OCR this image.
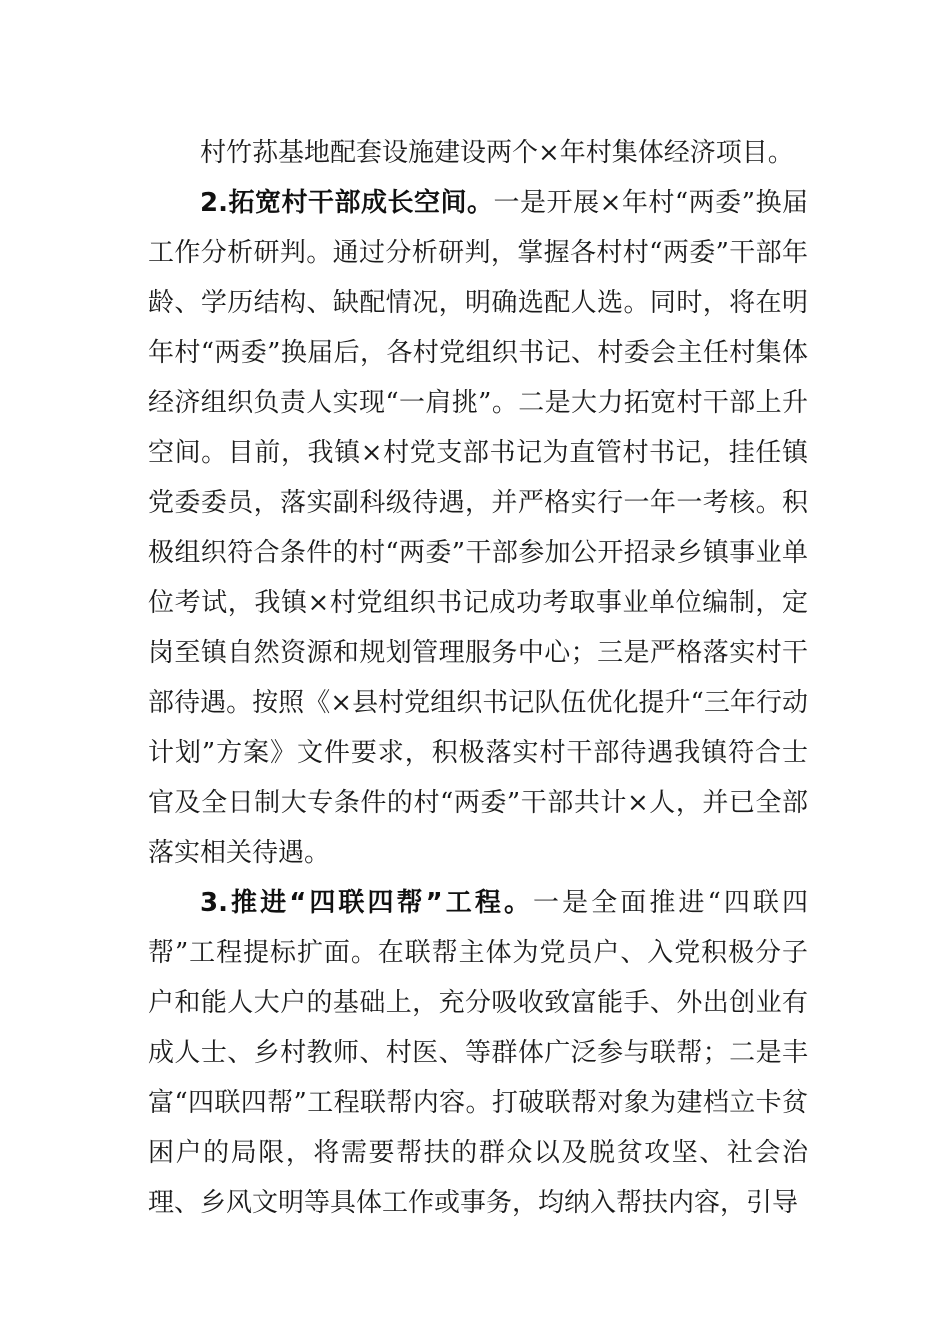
村竹荪基地配套设施建设两个×年村集体经济项目。

2.拓宽村干部成长空间。一是开展×年村“两委”换届工作分析研判。通过分析研判，掌握各村村“两委”干部年龄、学历结构、缺配情况，明确选配人选。同时，将在明年村“两委”换届后，各村党组织书记、村委会主任村集体经济组织负责人实现“一肩挑”。二是大力拓宽村干部上升空间。目前，我镇×村党支部书记为直管村书记，挂任镇党委委员，落实副科级待遇，并严格实行一年一考核。积极组织符合条件的村“两委”干部参加公开招录乡镇事业单位考试，我镇×村党组织书记成功考取事业单位编制，定岗至镇自然资源和规划管理服务中心；三是严格落实村干部待遇。按照《×县村党组织书记队伍优化提升“三年行动计划”方案》文件要求，积极落实村干部待遇我镇符合士官及全日制大专条件的村“两委”干部共计×人，并已全部落实相关待遇。

3.推进“四联四帮”工程。一是全面推进“四联四帮”工程提标扩面。在联帮主体为党员户、入党积极分子户和能人大户的基础上，充分吸收致富能手、外出创业有成人士、乡村教师、村医、等群体广泛参与联帮；二是丰富“四联四帮”工程联帮内容。打破联帮对象为建档立卡贫困户的局限，将需要帮扶的群众以及脱贫攻坚、社会治理、乡风文明等具体工作或事务，均纳入帮扶内容，引导
